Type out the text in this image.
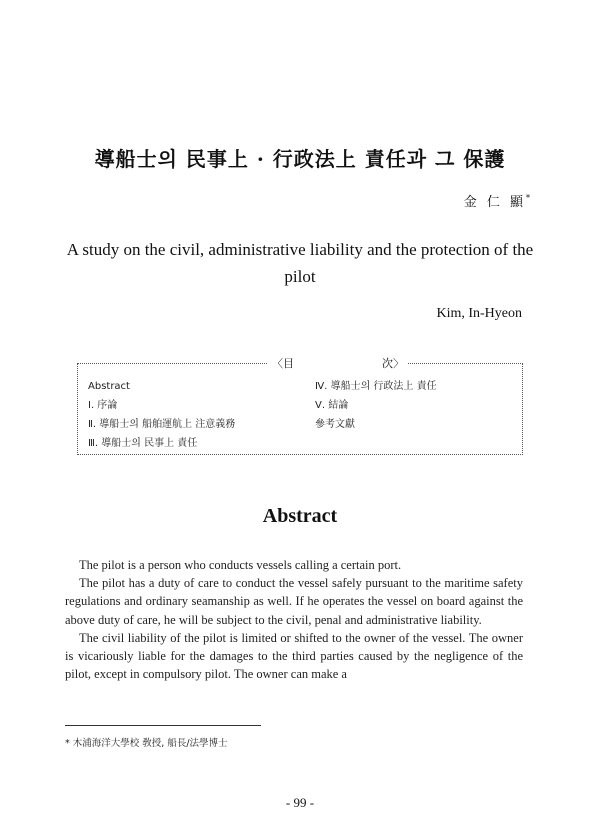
導船士의 民事上 · 行政法上 責任과 그 保護
金 仁 顯*
A study on the civil, administrative liability and the protection of the pilot
Kim, In-Hyeon
〈目	次〉
Abstract
Ⅰ. 序論
Ⅱ. 導船士의 船舶運航上 注意義務
Ⅲ. 導船士의 民事上 責任
Ⅳ. 導船士의 行政法上 責任
Ⅴ. 結論
參考文獻
Abstract

The pilot is a person who conducts vessels calling a certain port.

The pilot has a duty of care to conduct the vessel safely pursuant to the maritime safety regulations and ordinary seamanship as well. If he operates the vessel on board against the above duty of care, he will be subject to the civil, penal and administrative liability.

The civil liability of the pilot is limited or shifted to the owner of the vessel. The owner is vicariously liable for the damages to the third parties caused by the negligence of the pilot, except in compulsory pilot. The owner can make a

* 木浦海洋大學校 敎授, 船長/法學博士
- 99 -
